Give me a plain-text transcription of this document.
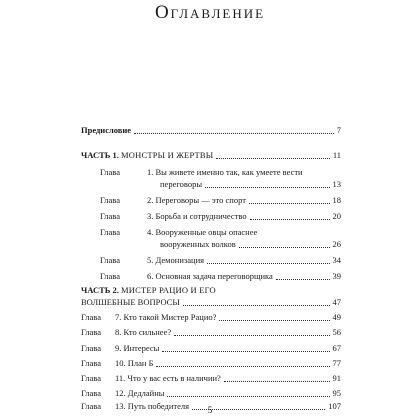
Оглавление
Предисловие	7
ЧАСТЬ 1. МОНСТРЫ И ЖЕРТВЫ	11
Глава	1. Вы живете именно так, как умеете вести
переговоры	13
Глава	2. Переговоры — это спорт	18
Глава	3. Борьба и сотрудничество	20
Глава	4. Вооруженные овцы опаснее
вооруженных волков	26
Глава	5. Демонизация	34
Глава	6. Основная задача переговорщика	39
ЧАСТЬ 2. МИСТЕР РАЦИО И ЕГО
ВОЛШЕБНЫЕ ВОПРОСЫ	47
Глава	7. Кто такой Мистер Рацио?	49
Глава	8. Кто сильнее?	56
Глава	9. Интересы	67
Глава	10. План Б	77
Глава	11. Что у вас есть в наличии?	91
Глава	12. Дедлайны	95
Глава	13. Путь победителя	107
5
